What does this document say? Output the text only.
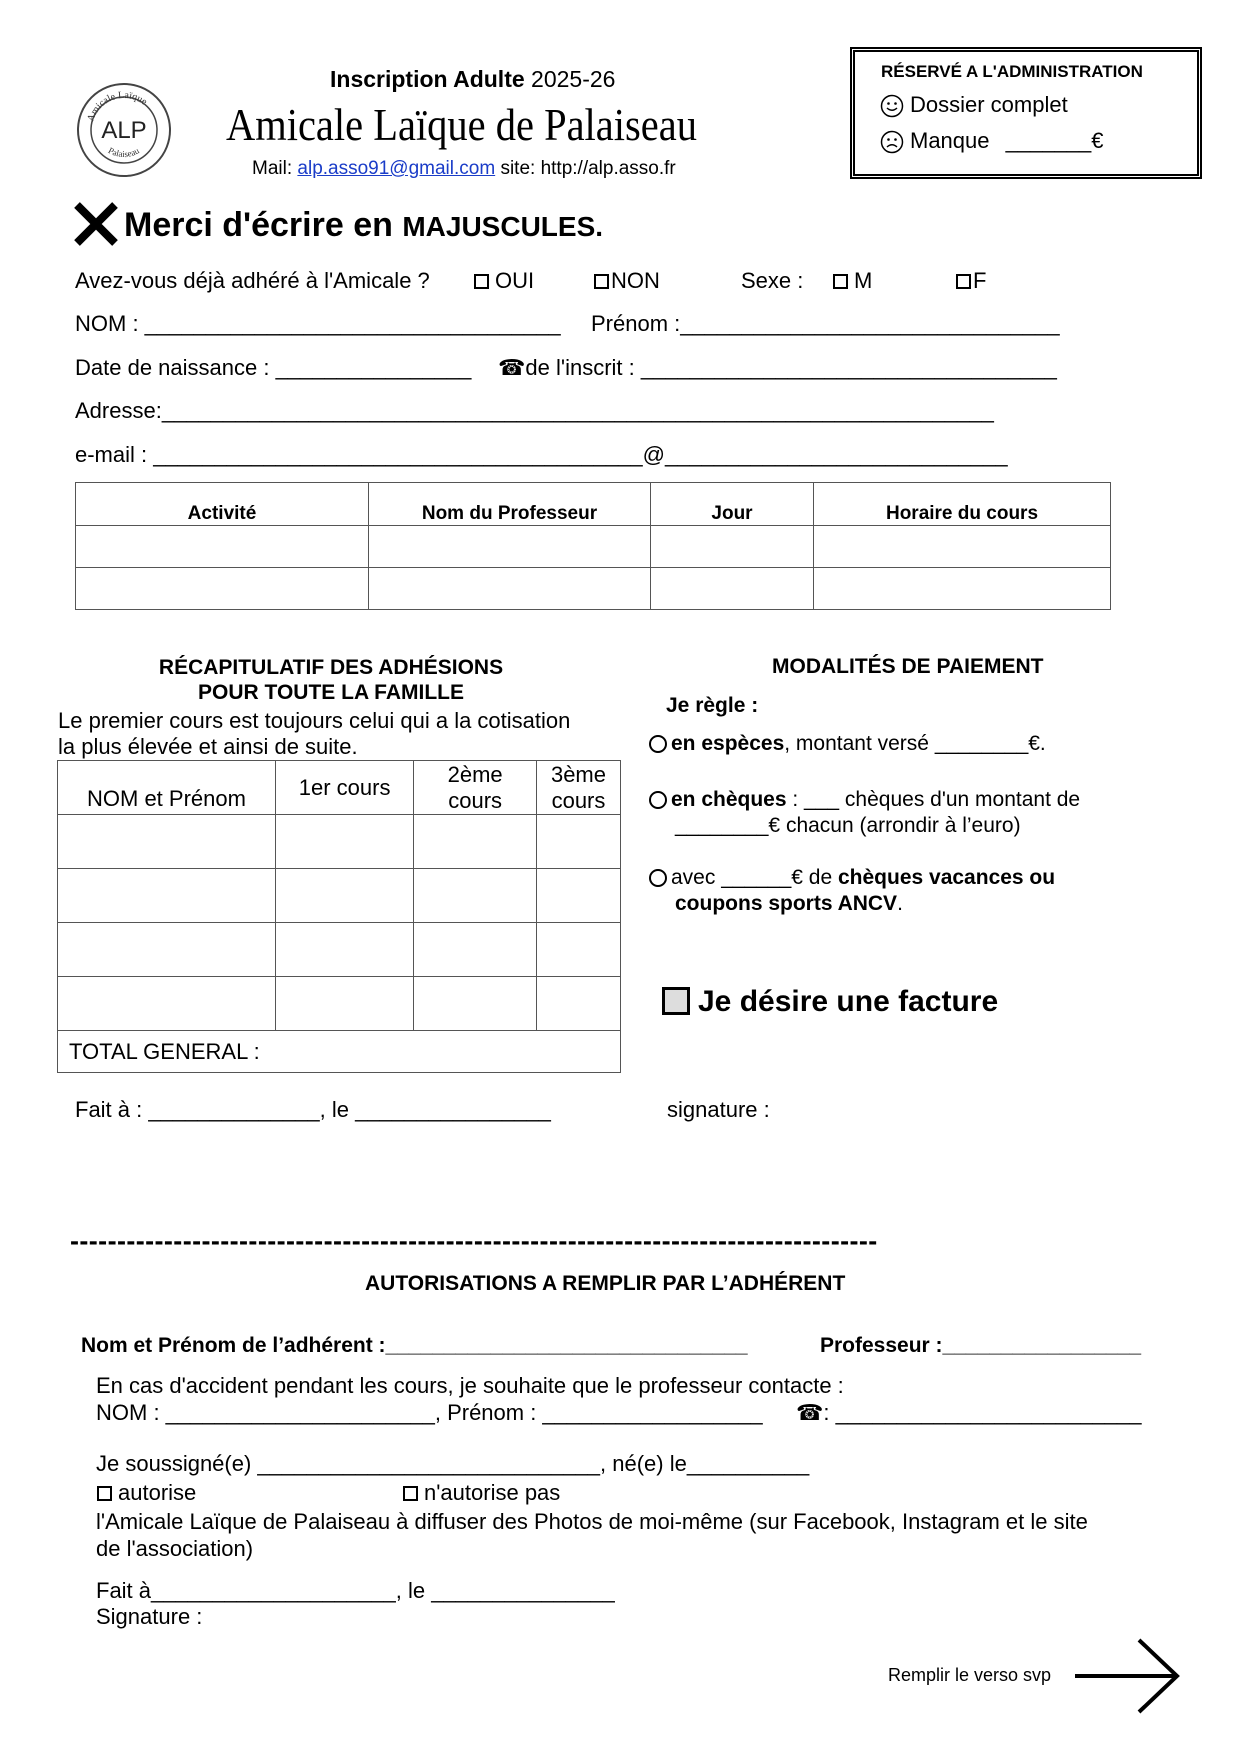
Amicale Laïque
Palaiseau
ALP
Inscription Adulte 2025-26
Amicale Laïque de Palaiseau
Mail: alp.asso91@gmail.com site: http://alp.asso.fr
RÉSERVÉ A L'ADMINISTRATION
Dossier complet
Manque _______€
Merci d'écrire en MAJUSCULES.
Avez-vous déjà adhéré à l'Amicale ?	OUI	NON	Sexe :	M	F
NOM : __________________________________ Prénom :_______________________________
Date de naissance : ________________ ☎de l'inscrit : __________________________________
Adresse:____________________________________________________________________
e-mail : ________________________________________@____________________________
Activité	Nom du Professeur	Jour	Horaire du cours

RÉCAPITULATIF DES ADHÉSIONS
POUR TOUTE LA FAMILLE
Le premier cours est toujours celui qui a la cotisation
la plus élevée et ainsi de suite.
NOM et Prénom	1er cours	2ème cours	3ème cours

TOTAL GENERAL :			
MODALITÉS DE PAIEMENT
Je règle :
en espèces, montant versé ________€.
en chèques : ___ chèques d'un montant de
________€ chacun (arrondir à l’euro)
avec ______€ de chèques vacances ou
coupons sports ANCV.
Je désire une facture
Fait à : ______________, le ________________	signature :
--------------------------------------------------------------------------------------
AUTORISATIONS A REMPLIR PAR L’ADHÉRENT
Nom et Prénom de l’adhérent :_______________________________	Professeur :_________________
En cas d'accident pendant les cours, je souhaite que le professeur contacte :
NOM : ______________________, Prénom : __________________ ☎: _________________________
Je soussigné(e) ____________________________, né(e) le__________
autorise	n'autorise pas
l'Amicale Laïque de Palaiseau à diffuser des Photos de moi-même (sur Facebook, Instagram et le site
de l'association)
Fait à____________________, le _______________
Signature :
Remplir le verso svp
